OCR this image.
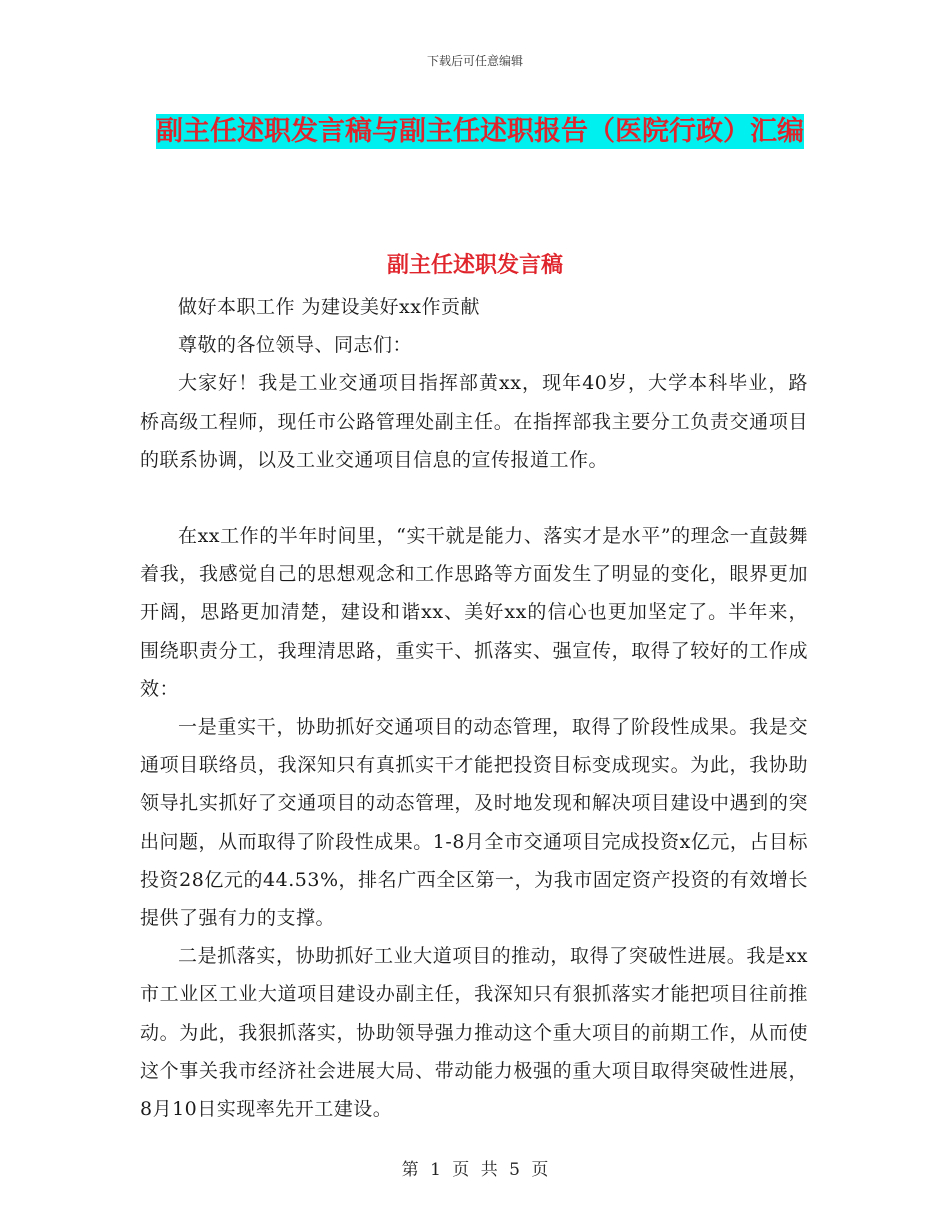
下载后可任意编辑
副主任述职发言稿与副主任述职报告（医院行政）汇编
副主任述职发言稿

做好本职工作 为建设美好xx作贡献

尊敬的各位领导、同志们：

大家好！我是工业交通项目指挥部黄xx，现年40岁，大学本科毕业，路桥高级工程师，现任市公路管理处副主任。在指挥部我主要分工负责交通项目的联系协调，以及工业交通项目信息的宣传报道工作。

在xx工作的半年时间里，“实干就是能力、落实才是水平”的理念一直鼓舞着我，我感觉自己的思想观念和工作思路等方面发生了明显的变化，眼界更加开阔，思路更加清楚，建设和谐xx、美好xx的信心也更加坚定了。半年来，围绕职责分工，我理清思路，重实干、抓落实、强宣传，取得了较好的工作成效：

一是重实干，协助抓好交通项目的动态管理，取得了阶段性成果。我是交通项目联络员，我深知只有真抓实干才能把投资目标变成现实。为此，我协助领导扎实抓好了交通项目的动态管理，及时地发现和解决项目建设中遇到的突出问题，从而取得了阶段性成果。1-8月全市交通项目完成投资x亿元，占目标投资28亿元的44.53%，排名广西全区第一，为我市固定资产投资的有效增长提供了强有力的支撑。

二是抓落实，协助抓好工业大道项目的推动，取得了突破性进展。我是xx市工业区工业大道项目建设办副主任，我深知只有狠抓落实才能把项目往前推动。为此，我狠抓落实，协助领导强力推动这个重大项目的前期工作，从而使这个事关我市经济社会进展大局、带动能力极强的重大项目取得突破性进展，8月10日实现率先开工建设。

第 1 页 共 5 页
